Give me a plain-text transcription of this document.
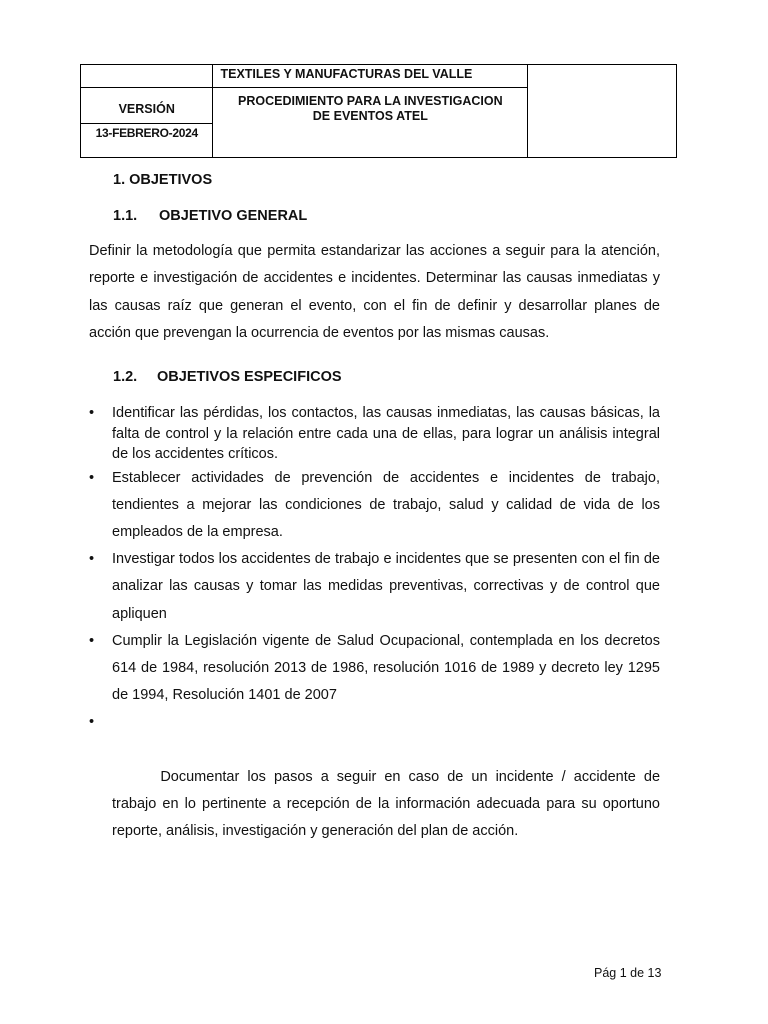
	TEXTILES Y MANUFACTURAS DEL VALLE	
VERSIÓN	PROCEDIMIENTO PARA LA INVESTIGACION
DE EVENTOS ATEL	

13-FEBRERO-2024		
1. OBJETIVOS
1.1. OBJETIVO GENERAL
Definir la metodología que permita estandarizar las acciones a seguir para la atención, reporte e investigación de accidentes e incidentes. Determinar las causas inmediatas y las causas raíz que generan el evento, con el fin de definir y desarrollar planes de acción que prevengan la ocurrencia de eventos por las mismas causas.
1.2. OBJETIVOS ESPECIFICOS
• Identificar las pérdidas, los contactos, las causas inmediatas, las causas básicas, la falta de control y la relación entre cada una de ellas, para lograr un análisis integral de los accidentes críticos.
• Establecer actividades de prevención de accidentes e incidentes de trabajo, tendientes a mejorar las condiciones de trabajo, salud y calidad de vida de los empleados de la empresa.
• Investigar todos los accidentes de trabajo e incidentes que se presenten con el fin de analizar las causas y tomar las medidas preventivas, correctivas y de control que apliquen
• Cumplir la Legislación vigente de Salud Ocupacional, contemplada en los decretos 614 de 1984, resolución 2013 de 1986, resolución 1016 de 1989 y decreto ley 1295 de 1994, Resolución 1401 de 2007

•

Documentar los pasos a seguir en caso de un incidente / accidente de       trabajo en lo pertinente a recepción de la información adecuada para su oportuno reporte, análisis, investigación y generación del plan de acción.

Pág 1 de 13
